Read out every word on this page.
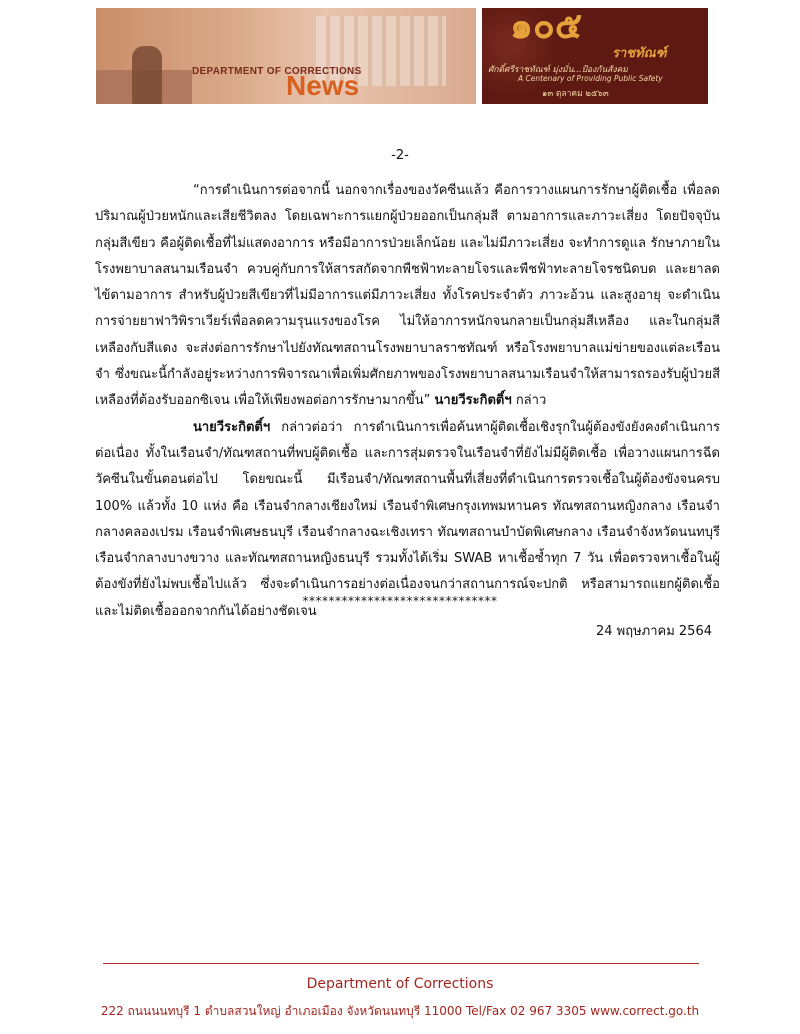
DEPARTMENT OF CORRECTIONS
News
๑๐๕
ราชทัณฑ์
ศักดิ์ศรีราชทัณฑ์ มุ่งมั่น...ป้องกันสังคม
A Centenary of Providing Public Safety
๑๓ ตุลาคม ๒๕๖๓
-2-

“การดำเนินการต่อจากนี้ นอกจากเรื่องของวัคซีนแล้ว คือการวางแผนการรักษาผู้ติดเชื้อ เพื่อลดปริมาณผู้ป่วยหนักและเสียชีวิตลง โดยเฉพาะการแยกผู้ป่วยออกเป็นกลุ่มสี ตามอาการและภาวะเสี่ยง โดยปัจจุบัน กลุ่มสีเขียว คือผู้ติดเชื้อที่ไม่แสดงอาการ หรือมีอาการป่วยเล็กน้อย และไม่มีภาวะเสี่ยง จะทำการดูแล รักษาภายในโรงพยาบาลสนามเรือนจำ ควบคู่กับการให้สารสกัดจากพืชฟ้าทะลายโจรและพืชฟ้าทะลายโจรชนิดบด และยาลดไข้ตามอาการ สำหรับผู้ป่วยสีเขียวที่ไม่มีอาการแต่มีภาวะเสี่ยง ทั้งโรคประจำตัว ภาวะอ้วน และสูงอายุ จะดำเนินการจ่ายยาฟาวิพิราเวียร์เพื่อลดความรุนแรงของโรค ไม่ให้อาการหนักจนกลายเป็นกลุ่มสีเหลือง และในกลุ่มสีเหลืองกับสีแดง จะส่งต่อการรักษาไปยังทัณฑสถานโรงพยาบาลราชทัณฑ์ หรือโรงพยาบาลแม่ข่ายของแต่ละเรือนจำ ซึ่งขณะนี้กำลังอยู่ระหว่างการพิจารณาเพื่อเพิ่มศักยภาพของโรงพยาบาลสนามเรือนจำให้สามารถรองรับผู้ป่วยสีเหลืองที่ต้องรับออกซิเจน เพื่อให้เพียงพอต่อการรักษามากขึ้น” นายวีระกิตติ์ฯ กล่าว

นายวีระกิตติ์ฯ กล่าวต่อว่า การดำเนินการเพื่อค้นหาผู้ติดเชื้อเชิงรุกในผู้ต้องขังยังคงดำเนินการต่อเนื่อง ทั้งในเรือนจำ/ทัณฑสถานที่พบผู้ติดเชื้อ และการสุ่มตรวจในเรือนจำที่ยังไม่มีผู้ติดเชื้อ เพื่อวางแผนการฉีดวัคซีนในขั้นตอนต่อไป โดยขณะนี้ มีเรือนจำ/ทัณฑสถานพื้นที่เสี่ยงที่ดำเนินการตรวจเชื้อในผู้ต้องขังจนครบ 100% แล้วทั้ง 10 แห่ง คือ เรือนจำกลางเชียงใหม่ เรือนจำพิเศษกรุงเทพมหานคร ทัณฑสถานหญิงกลาง เรือนจำกลางคลองเปรม เรือนจำพิเศษธนบุรี เรือนจำกลางฉะเชิงเทรา ทัณฑสถานบำบัดพิเศษกลาง เรือนจำจังหวัดนนทบุรี เรือนจำกลางบางขวาง และทัณฑสถานหญิงธนบุรี รวมทั้งได้เริ่ม SWAB หาเชื้อซ้ำทุก 7 วัน เพื่อตรวจหาเชื้อในผู้ต้องขังที่ยังไม่พบเชื้อไปแล้ว ซึ่งจะดำเนินการอย่างต่อเนื่องจนกว่าสถานการณ์จะปกติ หรือสามารถแยกผู้ติดเชื้อและไม่ติดเชื้อออกจากกันได้อย่างชัดเจน

******************************
24 พฤษภาคม 2564
Department of Corrections
222 ถนนนนทบุรี 1 ตำบลสวนใหญ่ อำเภอเมือง จังหวัดนนทบุรี 11000 Tel/Fax 02 967 3305 www.correct.go.th
